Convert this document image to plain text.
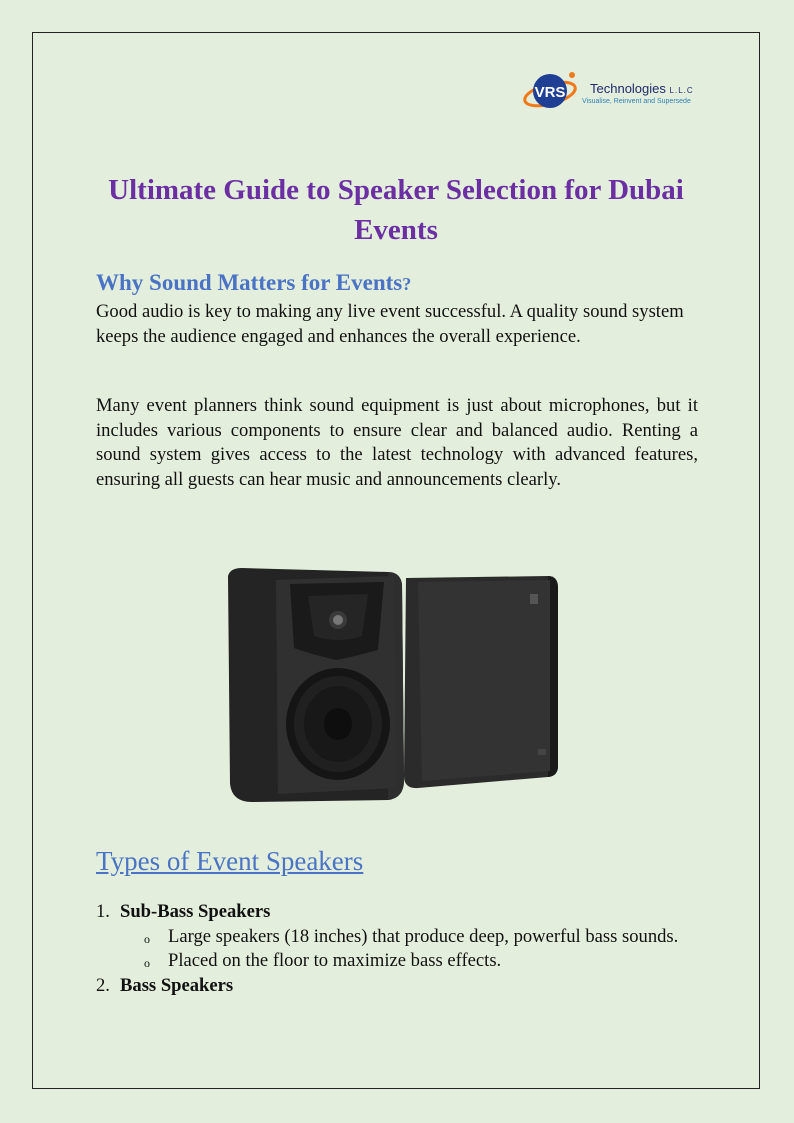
VRS Technologies L.L.C
Visualise, Reinvent and Supersede
Ultimate Guide to Speaker Selection for Dubai Events
Why Sound Matters for Events?
Good audio is key to making any live event successful. A quality sound system keeps the audience engaged and enhances the overall experience.
Many event planners think sound equipment is just about microphones, but it includes various components to ensure clear and balanced audio. Renting a sound system gives access to the latest technology with advanced features, ensuring all guests can hear music and announcements clearly.
Types of Event Speakers
1. Sub-Bass Speakers
o Large speakers (18 inches) that produce deep, powerful bass sounds.
o Placed on the floor to maximize bass effects.
2. Bass Speakers
